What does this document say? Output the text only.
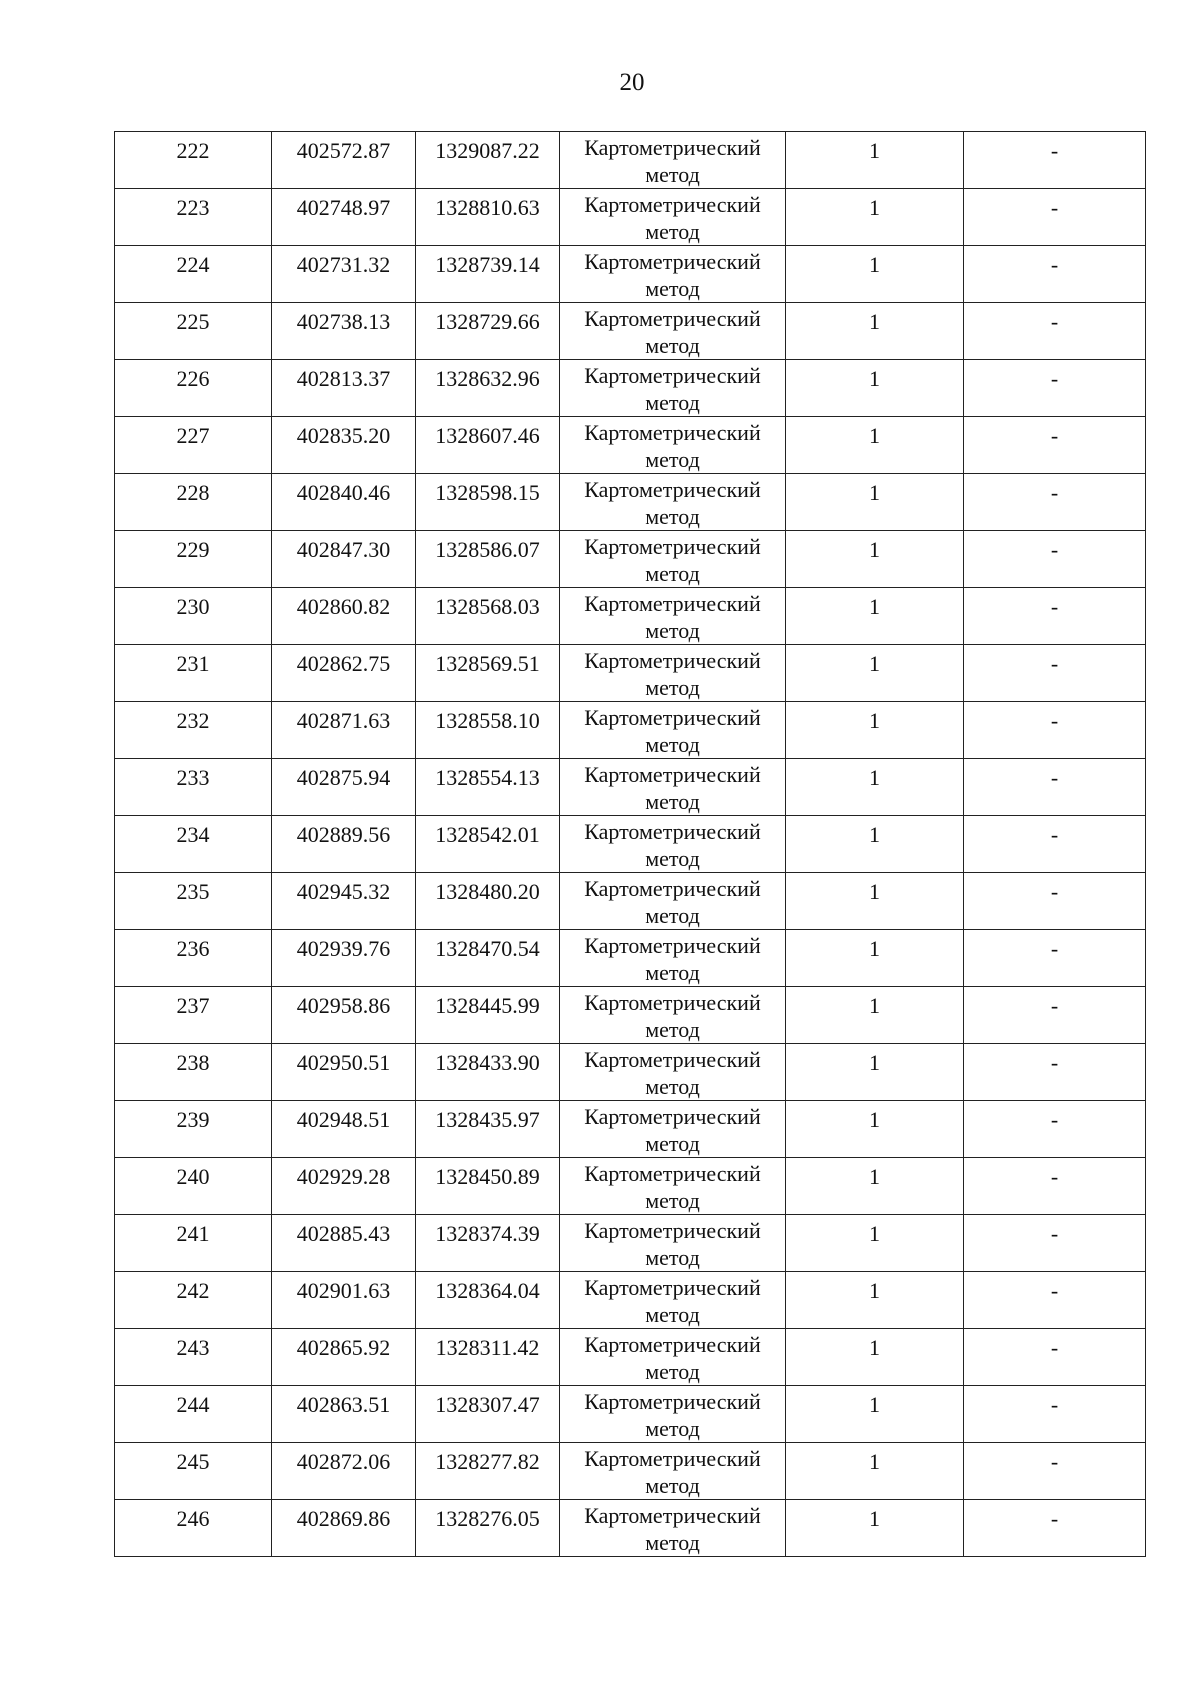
20
222	402572.87	1329087.22	Картометрический метод	1	-

223	402748.97	1328810.63	Картометрический метод	1	-

224	402731.32	1328739.14	Картометрический метод	1	-

225	402738.13	1328729.66	Картометрический метод	1	-

226	402813.37	1328632.96	Картометрический метод	1	-

227	402835.20	1328607.46	Картометрический метод	1	-

228	402840.46	1328598.15	Картометрический метод	1	-

229	402847.30	1328586.07	Картометрический метод	1	-

230	402860.82	1328568.03	Картометрический метод	1	-

231	402862.75	1328569.51	Картометрический метод	1	-

232	402871.63	1328558.10	Картометрический метод	1	-

233	402875.94	1328554.13	Картометрический метод	1	-

234	402889.56	1328542.01	Картометрический метод	1	-

235	402945.32	1328480.20	Картометрический метод	1	-

236	402939.76	1328470.54	Картометрический метод	1	-

237	402958.86	1328445.99	Картометрический метод	1	-

238	402950.51	1328433.90	Картометрический метод	1	-

239	402948.51	1328435.97	Картометрический метод	1	-

240	402929.28	1328450.89	Картометрический метод	1	-

241	402885.43	1328374.39	Картометрический метод	1	-

242	402901.63	1328364.04	Картометрический метод	1	-

243	402865.92	1328311.42	Картометрический метод	1	-

244	402863.51	1328307.47	Картометрический метод	1	-

245	402872.06	1328277.82	Картометрический метод	1	-

246	402869.86	1328276.05	Картометрический метод	1	-
